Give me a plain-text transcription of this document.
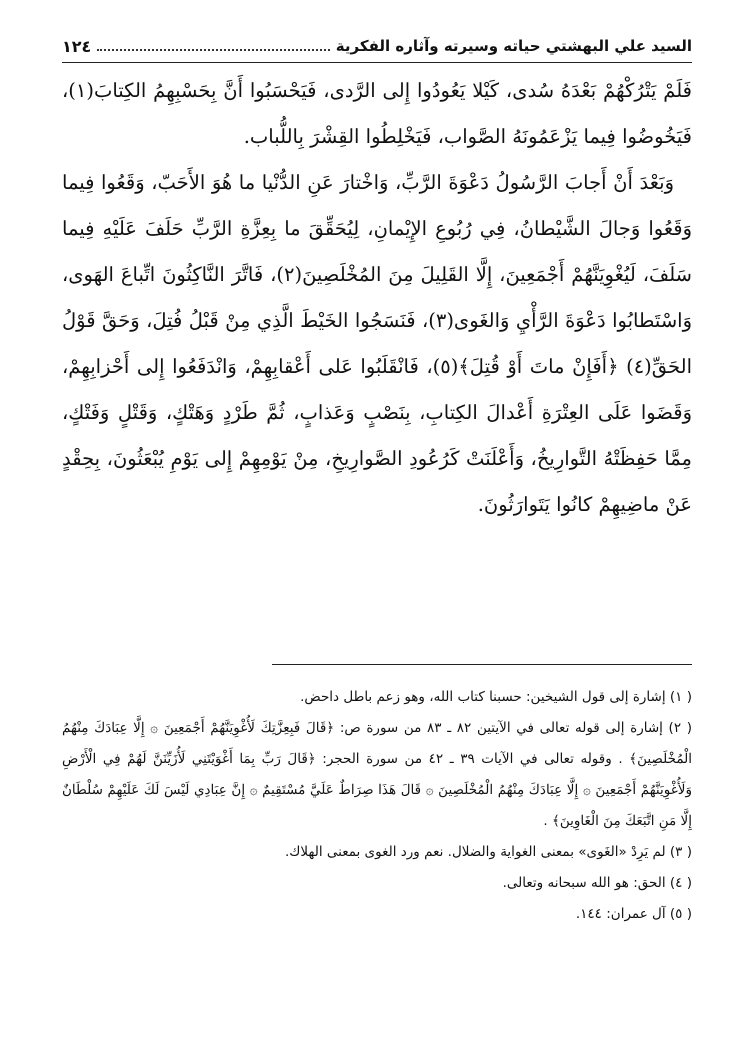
السيد علي البهشتي حياته وسيرته وآثاره الفكرية
١٢٤

فَلَمْ يَتْرُكْهُمْ بَعْدَهُ سُدى، كَيْلا يَعُودُوا إِلى الرَّدى، فَيَحْسَبُوا أَنَّ بِحَسْبِهِمُ الكِتابَ(١)، فَيَخُوضُوا فِيما يَزْعَمُونَهُ الصَّواب، فَيَخْلِطُوا القِشْرَ بِاللُّباب.

وَبَعْدَ أَنْ أَجابَ الرَّسُولُ دَعْوَةَ الرَّبِّ، وَاخْتارَ عَنِ الدُّنْيا ما هُوَ الأَحَبّ، وَقَعُوا فِيما وَقَعُوا وَجالَ الشَّيْطانُ، فِي رُبُوعِ الإِيْمانِ، لِيُحَقِّقَ ما بِعِزَّةِ الرَّبِّ حَلَفَ عَلَيْهِ فِيما سَلَفَ، لَيُغْوِيَنَّهُمْ أَجْمَعِينَ، إِلَّا القَلِيلَ مِنَ المُخْلَصِينَ(٢)، فَاتَّرَ النَّاكِثُونَ اتِّباعَ الهَوى، وَاسْتَطابُوا دَعْوَةَ الرَّأْيِ وَالغَوى(٣)، فَنَسَجُوا الخَيْطَ الَّذِي مِنْ قَبْلُ فُتِلَ، وَحَقَّ قَوْلُ الحَقِّ(٤) ﴿أَفَإِنْ ماتَ أَوْ قُتِلَ﴾(٥)، فَانْقَلَبُوا عَلى أَعْقابِهِمْ، وَانْدَفَعُوا إِلى أَحْزابِهِمْ، وَقَضَوا عَلَى العِتْرَةِ أَعْدالَ الكِتابِ، بِنَصْبٍ وَعَذابٍ، ثُمَّ طَرْدٍ وَهَتْكٍ، وَقَتْلٍ وَفَتْكٍ، مِمَّا حَفِظَتْهُ التَّوارِيخُ، وَأَعْلَنَتْ كَرُعُودِ الصَّوارِيخِ، مِنْ يَوْمِهِمْ إِلى يَوْمِ يُبْعَثُونَ، بِحِقْدٍ عَنْ ماضِيهِمْ كانُوا يَتَوارَثُونَ.

( ١) إشارة إلى قول الشيخين: حسبنا كتاب الله، وهو زعم باطل داحض.

( ٢) إشارة إلى قوله تعالى في الآيتين ٨٢ ـ ٨٣ من سورة ص: ﴿قَالَ فَبِعِزَّتِكَ لَأُغْوِيَنَّهُمْ أَجْمَعِينَ ۞ إِلَّا عِبَادَكَ مِنْهُمُ الْمُخْلَصِينَ﴾ . وقوله تعالى في الآيات ٣٩ ـ ٤٢ من سورة الحجر: ﴿قَالَ رَبِّ بِمَا أَغْوَيْتَنِي لَأُزَيِّنَنَّ لَهُمْ فِي الْأَرْضِ وَلَأُغْوِيَنَّهُمْ أَجْمَعِينَ ۞ إِلَّا عِبَادَكَ مِنْهُمُ الْمُخْلَصِينَ ۞ قَالَ هَذَا صِرَاطٌ عَلَيَّ مُسْتَقِيمٌ ۞ إِنَّ عِبَادِي لَيْسَ لَكَ عَلَيْهِمْ سُلْطَانٌ إِلَّا مَنِ اتَّبَعَكَ مِنَ الْغَاوِينَ﴾ .

( ٣) لم يَرِدْ «الغَوى» بمعنى الغواية والضلال. نعم ورد الغوى بمعنى الهلاك.

( ٤) الحق: هو الله سبحانه وتعالى.

( ٥) آل عمران: ١٤٤.
